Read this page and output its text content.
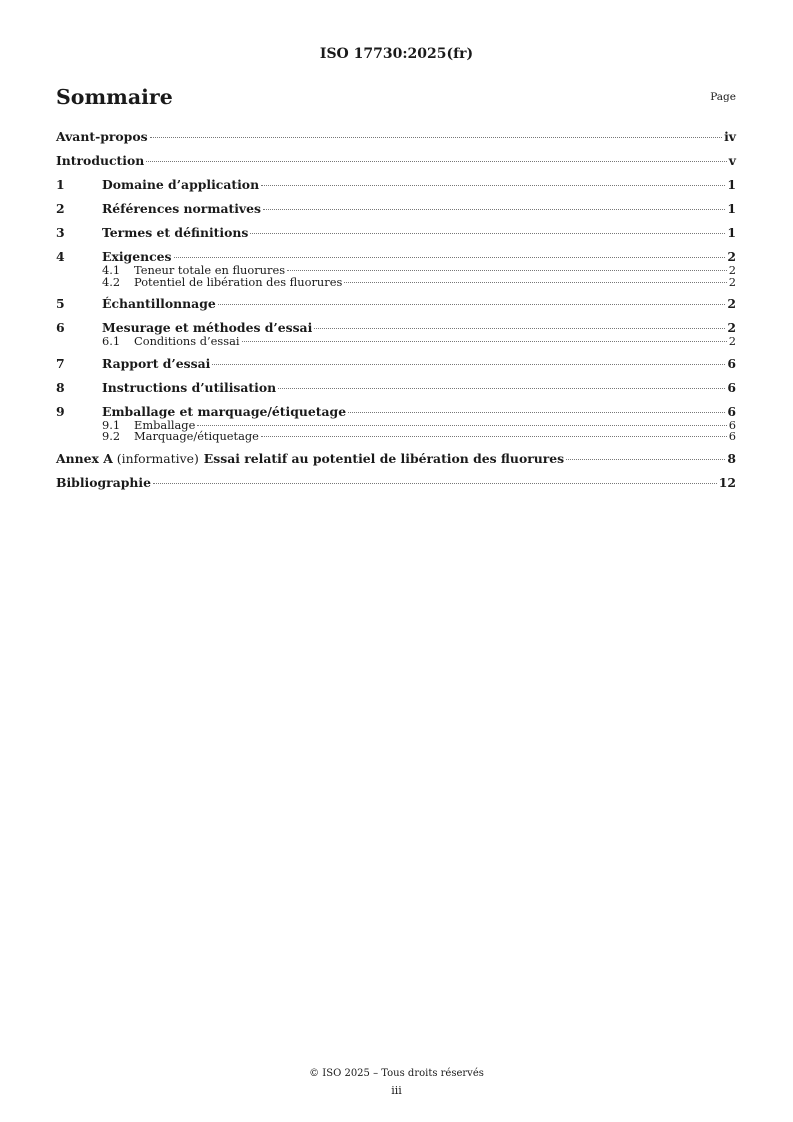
ISO 17730:2025(fr)
Sommaire	Page
Avant-propos	iv
Introduction	v
1	Domaine d’application	1
2	Références normatives	1
3	Termes et définitions	1
4	Exigences	2
4.1	Teneur totale en fluorures	2
4.2	Potentiel de libération des fluorures	2
5	Échantillonnage	2
6	Mesurage et méthodes d’essai	2
6.1	Conditions d’essai	2
7	Rapport d’essai	6
8	Instructions d’utilisation	6
9	Emballage et marquage/étiquetage	6
9.1	Emballage	6
9.2	Marquage/étiquetage	6
Annex A (informative) Essai relatif au potentiel de libération des fluorures	8
Bibliographie	12
© ISO 2025 – Tous droits réservés
iii
